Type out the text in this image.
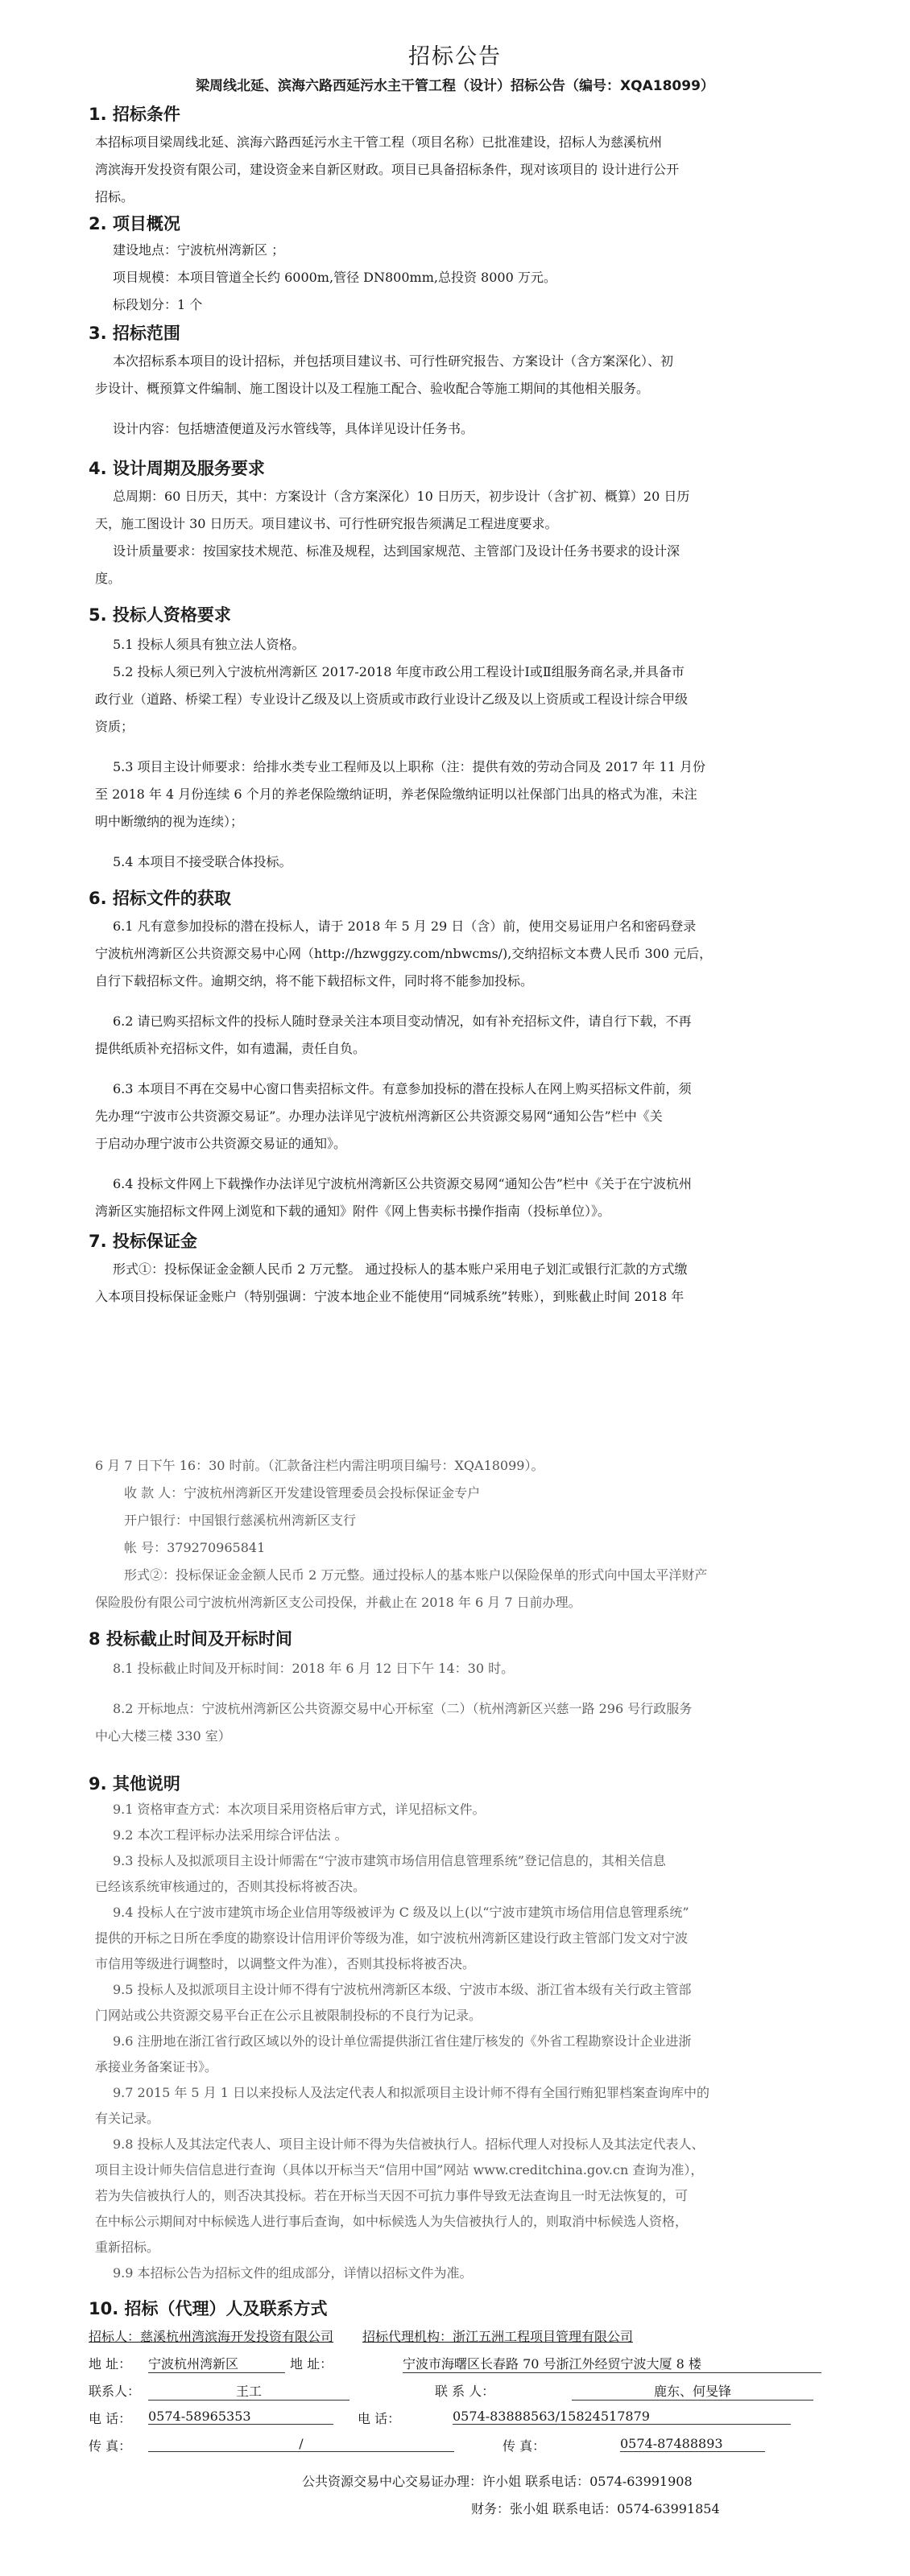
招标公告
梁周线北延、滨海六路西延污水主干管工程（设计）招标公告（编号：XQA18099）
1. 招标条件
本招标项目梁周线北延、滨海六路西延污水主干管工程（项目名称）已批准建设，招标人为慈溪杭州
湾滨海开发投资有限公司，建设资金来自新区财政。项目已具备招标条件，现对该项目的 设计进行公开
招标。
2. 项目概况
建设地点：宁波杭州湾新区 ；
项目规模：本项目管道全长约 6000m,管径 DN800mm,总投资 8000 万元。
标段划分：1 个
3. 招标范围
本次招标系本项目的设计招标，并包括项目建议书、可行性研究报告、方案设计（含方案深化）、初
步设计、概预算文件编制、施工图设计以及工程施工配合、验收配合等施工期间的其他相关服务。
设计内容：包括塘渣便道及污水管线等，具体详见设计任务书。
4. 设计周期及服务要求
总周期：60 日历天，其中：方案设计（含方案深化）10 日历天，初步设计（含扩初、概算）20 日历
天，施工图设计 30 日历天。项目建议书、可行性研究报告须满足工程进度要求。
设计质量要求：按国家技术规范、标准及规程，达到国家规范、主管部门及设计任务书要求的设计深
度。
5. 投标人资格要求
5.1 投标人须具有独立法人资格。
5.2 投标人须已列入宁波杭州湾新区 2017-2018 年度市政公用工程设计Ⅰ或Ⅱ组服务商名录,并具备市
政行业（道路、桥梁工程）专业设计乙级及以上资质或市政行业设计乙级及以上资质或工程设计综合甲级
资质；
5.3 项目主设计师要求：给排水类专业工程师及以上职称（注：提供有效的劳动合同及 2017 年 11 月份
至 2018 年 4 月份连续 6 个月的养老保险缴纳证明，养老保险缴纳证明以社保部门出具的格式为准，未注
明中断缴纳的视为连续）；
5.4 本项目不接受联合体投标。
6. 招标文件的获取
6.1 凡有意参加投标的潜在投标人，请于 2018 年 5 月 29 日（含）前，使用交易证用户名和密码登录
宁波杭州湾新区公共资源交易中心网（http://hzwggzy.com/nbwcms/),交纳招标文本费人民币 300 元后，
自行下载招标文件。逾期交纳，将不能下载招标文件，同时将不能参加投标。
6.2 请已购买招标文件的投标人随时登录关注本项目变动情况，如有补充招标文件，请自行下载，不再
提供纸质补充招标文件，如有遗漏，责任自负。
6.3 本项目不再在交易中心窗口售卖招标文件。有意参加投标的潜在投标人在网上购买招标文件前，须
先办理“宁波市公共资源交易证”。办理办法详见宁波杭州湾新区公共资源交易网“通知公告”栏中《关
于启动办理宁波市公共资源交易证的通知》。
6.4 投标文件网上下载操作办法详见宁波杭州湾新区公共资源交易网“通知公告”栏中《关于在宁波杭州
湾新区实施招标文件网上浏览和下载的通知》附件《网上售卖标书操作指南（投标单位）》。
7. 投标保证金
形式①：投标保证金金额人民币 2 万元整。 通过投标人的基本账户采用电子划汇或银行汇款的方式缴
入本项目投标保证金账户（特别强调：宁波本地企业不能使用“同城系统”转账），到账截止时间 2018 年
6 月 7 日下午 16：30 时前。（汇款备注栏内需注明项目编号：XQA18099）。
收 款 人：宁波杭州湾新区开发建设管理委员会投标保证金专户
开户银行：中国银行慈溪杭州湾新区支行
帐 号：379270965841
形式②：投标保证金金额人民币 2 万元整。通过投标人的基本账户以保险保单的形式向中国太平洋财产
保险股份有限公司宁波杭州湾新区支公司投保，并截止在 2018 年 6 月 7 日前办理。
8 投标截止时间及开标时间
8.1 投标截止时间及开标时间：2018 年 6 月 12 日下午 14：30 时。
8.2 开标地点：宁波杭州湾新区公共资源交易中心开标室（二）（杭州湾新区兴慈一路 296 号行政服务
中心大楼三楼 330 室）
9. 其他说明
9.1 资格审查方式：本次项目采用资格后审方式，详见招标文件。
9.2 本次工程评标办法采用综合评估法 。
9.3 投标人及拟派项目主设计师需在“宁波市建筑市场信用信息管理系统”登记信息的，其相关信息
已经该系统审核通过的，否则其投标将被否决。
9.4 投标人在宁波市建筑市场企业信用等级被评为 C 级及以上(以“宁波市建筑市场信用信息管理系统”
提供的开标之日所在季度的勘察设计信用评价等级为准，如宁波杭州湾新区建设行政主管部门发文对宁波
市信用等级进行调整时，以调整文件为准），否则其投标将被否决。
9.5 投标人及拟派项目主设计师不得有宁波杭州湾新区本级、宁波市本级、浙江省本级有关行政主管部
门网站或公共资源交易平台正在公示且被限制投标的不良行为记录。
9.6 注册地在浙江省行政区域以外的设计单位需提供浙江省住建厅核发的《外省工程勘察设计企业进浙
承接业务备案证书》。
9.7 2015 年 5 月 1 日以来投标人及法定代表人和拟派项目主设计师不得有全国行贿犯罪档案查询库中的
有关记录。
9.8 投标人及其法定代表人、项目主设计师不得为失信被执行人。招标代理人对投标人及其法定代表人、
项目主设计师失信信息进行查询（具体以开标当天“信用中国”网站 www.creditchina.gov.cn 查询为准），
若为失信被执行人的，则否决其投标。若在开标当天因不可抗力事件导致无法查询且一时无法恢复的，可
在中标公示期间对中标候选人进行事后查询，如中标候选人为失信被执行人的，则取消中标候选人资格，
重新招标。
9.9 本招标公告为招标文件的组成部分，详情以招标文件为准。
10. 招标（代理）人及联系方式
招标人：慈溪杭州湾滨海开发投资有限公司 招标代理机构：浙江五洲工程项目管理有限公司
地 址： 宁波杭州湾新区	地 址：	宁波市海曙区长春路 70 号浙江外经贸宁波大厦 8 楼
联系人：	王工	联 系 人：	鹿东、何旻锋
电 话： 0574-58965353	电 话：	0574-83888563/15824517879
传 真：	/	传 真：	0574-87488893
公共资源交易中心交易证办理：许小姐 联系电话：0574-63991908
财务：张小姐 联系电话：0574-63991854
